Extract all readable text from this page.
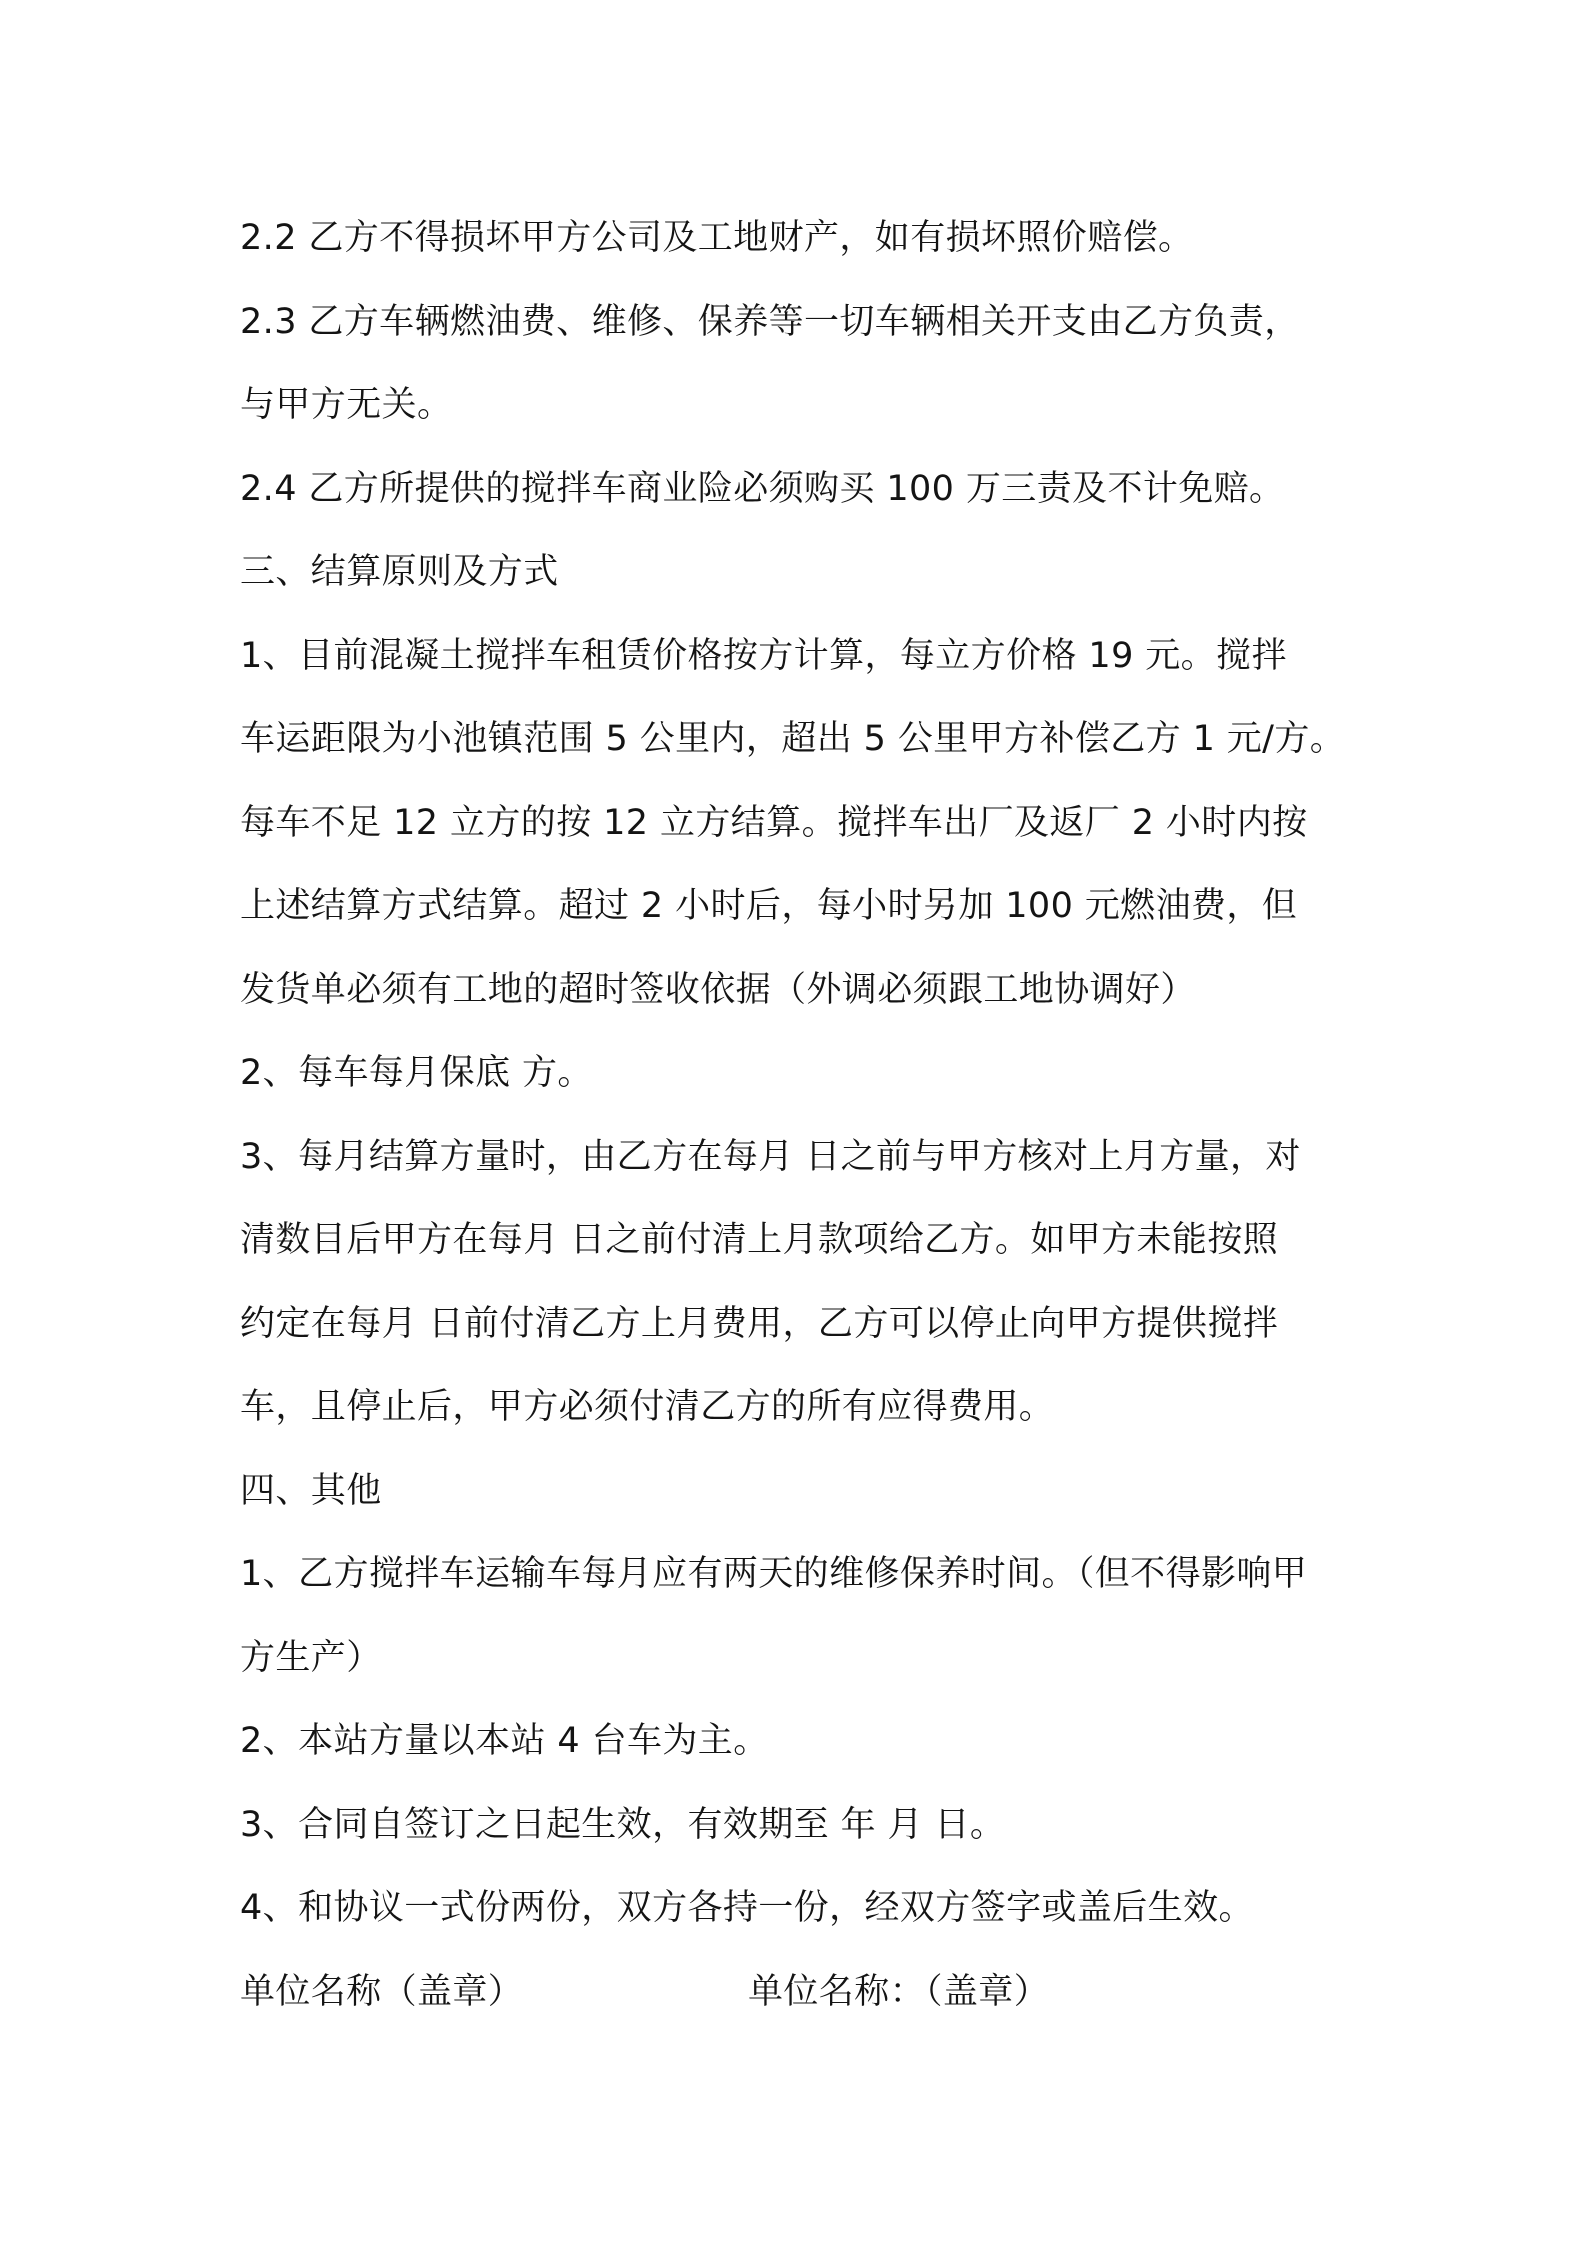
2.2 乙方不得损坏甲方公司及工地财产，如有损坏照价赔偿。
2.3 乙方车辆燃油费、维修、保养等一切车辆相关开支由乙方负责，
与甲方无关。
2.4 乙方所提供的搅拌车商业险必须购买 100 万三责及不计免赔。
三、结算原则及方式
1、目前混凝土搅拌车租赁价格按方计算，每立方价格 19 元。搅拌
车运距限为小池镇范围 5 公里内，超出 5 公里甲方补偿乙方 1 元/方。
每车不足 12 立方的按 12 立方结算。搅拌车出厂及返厂 2 小时内按
上述结算方式结算。超过 2 小时后，每小时另加 100 元燃油费，但
发货单必须有工地的超时签收依据（外调必须跟工地协调好）
2、每车每月保底 方。
3、每月结算方量时，由乙方在每月 日之前与甲方核对上月方量，对
清数目后甲方在每月 日之前付清上月款项给乙方。如甲方未能按照
约定在每月 日前付清乙方上月费用，乙方可以停止向甲方提供搅拌
车，且停止后，甲方必须付清乙方的所有应得费用。
四、其他
1、乙方搅拌车运输车每月应有两天的维修保养时间。（但不得影响甲
方生产）
2、本站方量以本站 4 台车为主。
3、合同自签订之日起生效，有效期至 年 月 日。
4、和协议一式份两份，双方各持一份，经双方签字或盖后生效。
单位名称（盖章）	单位名称：（盖章）
